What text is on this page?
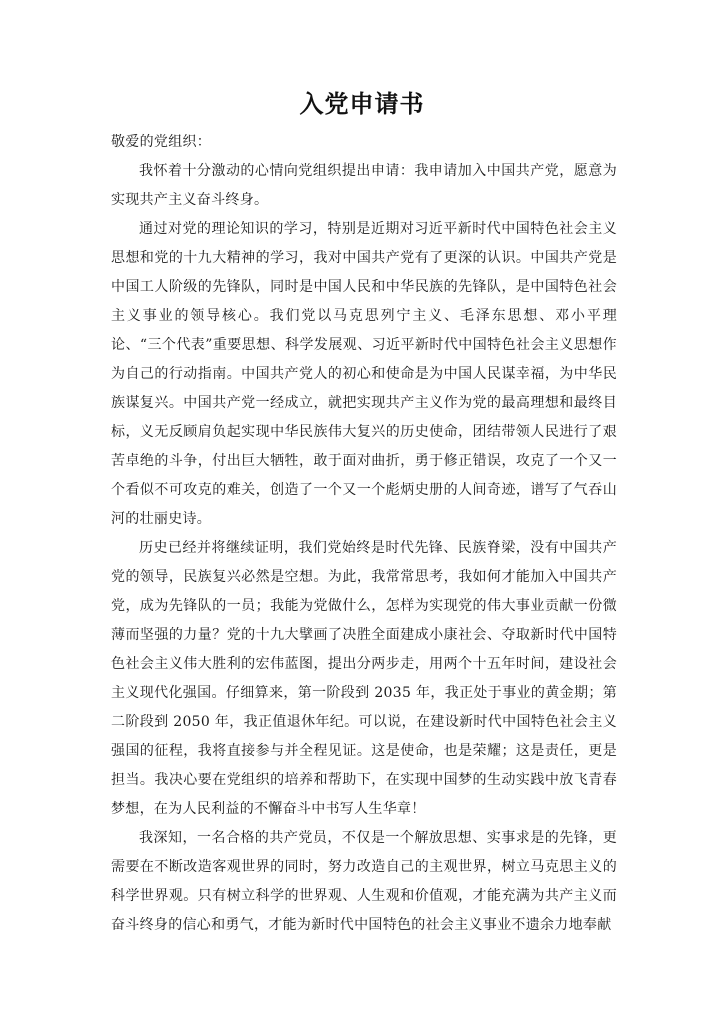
入党申请书

敬爱的党组织：

我怀着十分激动的心情向党组织提出申请：我申请加入中国共产党，愿意为实现共产主义奋斗终身。

通过对党的理论知识的学习，特别是近期对习近平新时代中国特色社会主义思想和党的十九大精神的学习，我对中国共产党有了更深的认识。中国共产党是中国工人阶级的先锋队，同时是中国人民和中华民族的先锋队，是中国特色社会主义事业的领导核心。我们党以马克思列宁主义、毛泽东思想、邓小平理论、“三个代表”重要思想、科学发展观、习近平新时代中国特色社会主义思想作为自己的行动指南。中国共产党人的初心和使命是为中国人民谋幸福，为中华民族谋复兴。中国共产党一经成立，就把实现共产主义作为党的最高理想和最终目标，义无反顾肩负起实现中华民族伟大复兴的历史使命，团结带领人民进行了艰苦卓绝的斗争，付出巨大牺牲，敢于面对曲折，勇于修正错误，攻克了一个又一个看似不可攻克的难关，创造了一个又一个彪炳史册的人间奇迹，谱写了气吞山河的壮丽史诗。

历史已经并将继续证明，我们党始终是时代先锋、民族脊梁，没有中国共产党的领导，民族复兴必然是空想。为此，我常常思考，我如何才能加入中国共产党，成为先锋队的一员；我能为党做什么，怎样为实现党的伟大事业贡献一份微薄而坚强的力量？党的十九大擘画了决胜全面建成小康社会、夺取新时代中国特色社会主义伟大胜利的宏伟蓝图，提出分两步走，用两个十五年时间，建设社会主义现代化强国。仔细算来，第一阶段到 2035 年，我正处于事业的黄金期；第二阶段到 2050 年，我正值退休年纪。可以说，在建设新时代中国特色社会主义强国的征程，我将直接参与并全程见证。这是使命，也是荣耀；这是责任，更是担当。我决心要在党组织的培养和帮助下，在实现中国梦的生动实践中放飞青春梦想，在为人民利益的不懈奋斗中书写人生华章！

我深知，一名合格的共产党员，不仅是一个解放思想、实事求是的先锋，更需要在不断改造客观世界的同时，努力改造自己的主观世界，树立马克思主义的科学世界观。只有树立科学的世界观、人生观和价值观，才能充满为共产主义而奋斗终身的信心和勇气，才能为新时代中国特色的社会主义事业不遗余力地奉献
